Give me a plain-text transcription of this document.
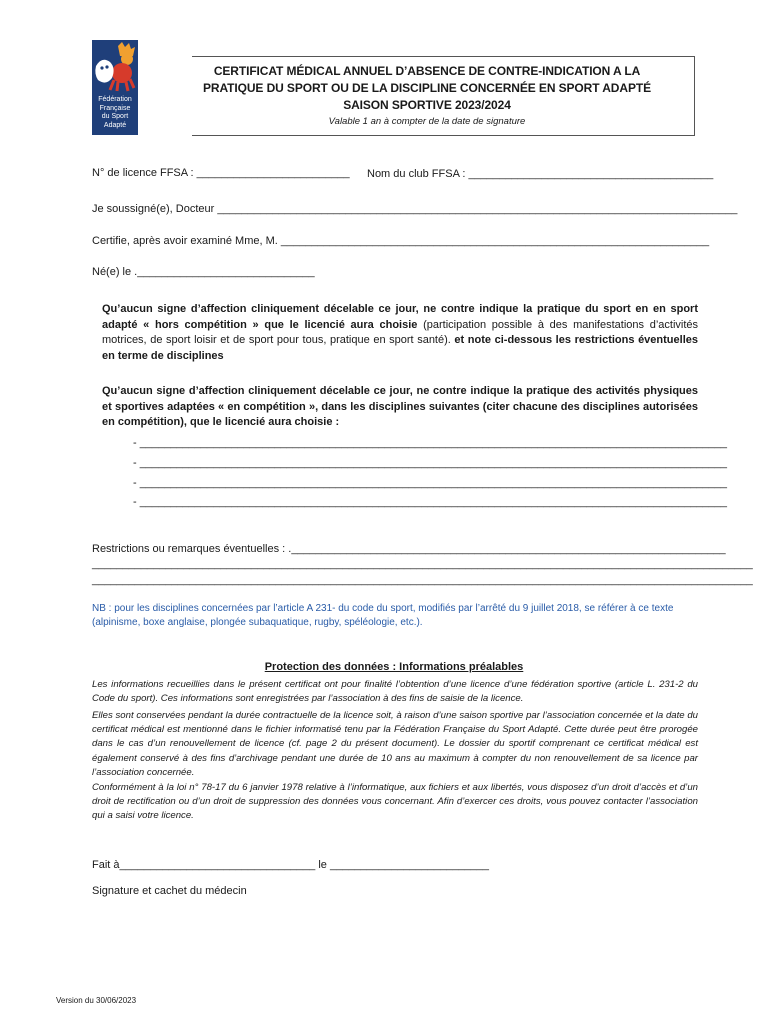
Fédération
Française
du Sport
Adapté
CERTIFICAT MÉDICAL ANNUEL D’ABSENCE DE CONTRE-INDICATION A LA
PRATIQUE DU SPORT OU DE LA DISCIPLINE CONCERNÉE EN SPORT ADAPTÉ
SAISON SPORTIVE 2023/2024
Valable 1 an à compter de la date de signature
N° de licence FFSA : _________________________ Nom du club FFSA : ________________________________________
Je soussigné(e), Docteur _____________________________________________________________________________________
Certifie, après avoir examiné Mme, M. ______________________________________________________________________
Né(e) le ._____________________________
Qu’aucun signe d’affection cliniquement décelable ce jour, ne contre indique la pratique du sport en en sport adapté « hors compétition » que le licencié aura choisie (participation possible à des manifestations d’activités motrices, de sport loisir et de sport pour tous, pratique en sport santé). et note ci-dessous les restrictions éventuelles en terme de disciplines
Qu’aucun signe d’affection cliniquement décelable ce jour, ne contre indique la pratique des activités physiques et sportives adaptées « en compétition », dans les disciplines suivantes (citer chacune des disciplines autorisées en compétition), que le licencié aura choisie :
- ________________________________________________________________________________________________
- ________________________________________________________________________________________________
- ________________________________________________________________________________________________
- ________________________________________________________________________________________________
Restrictions ou remarques éventuelles : ._______________________________________________________________________
____________________________________________________________________________________________________________
____________________________________________________________________________________________________________
NB : pour les disciplines concernées par l’article A 231- du code du sport, modifiés par l’arrêté du 9 juillet 2018, se référer à ce texte (alpinisme, boxe anglaise, plongée subaquatique, rugby, spéléologie, etc.).
Protection des données : Informations préalables
Les informations recueillies dans le présent certificat ont pour finalité l’obtention d’une licence d’une fédération sportive (article L. 231-2 du Code du sport). Ces informations sont enregistrées par l’association à des fins de saisie de la licence.
Elles sont conservées pendant la durée contractuelle de la licence soit, à raison d’une saison sportive par l’association concernée et la date du certificat médical est mentionné dans le fichier informatisé tenu par la Fédération Française du Sport Adapté. Cette durée peut être prorogée dans le cas d’un renouvellement de licence (cf. page 2 du présent document). Le dossier du sportif comprenant ce certificat médical est également conservé à des fins d’archivage pendant une durée de 10 ans au maximum à compter du non renouvellement de sa licence par l’association concernée.
Conformément à la loi n° 78-17 du 6 janvier 1978 relative à l’informatique, aux fichiers et aux libertés, vous disposez d’un droit d’accès et d’un droit de rectification ou d’un droit de suppression des données vous concernant. Afin d’exercer ces droits, vous pouvez contacter l’association qui a saisi votre licence.
Fait à________________________________ le __________________________
Signature et cachet du médecin
Version du 30/06/2023
